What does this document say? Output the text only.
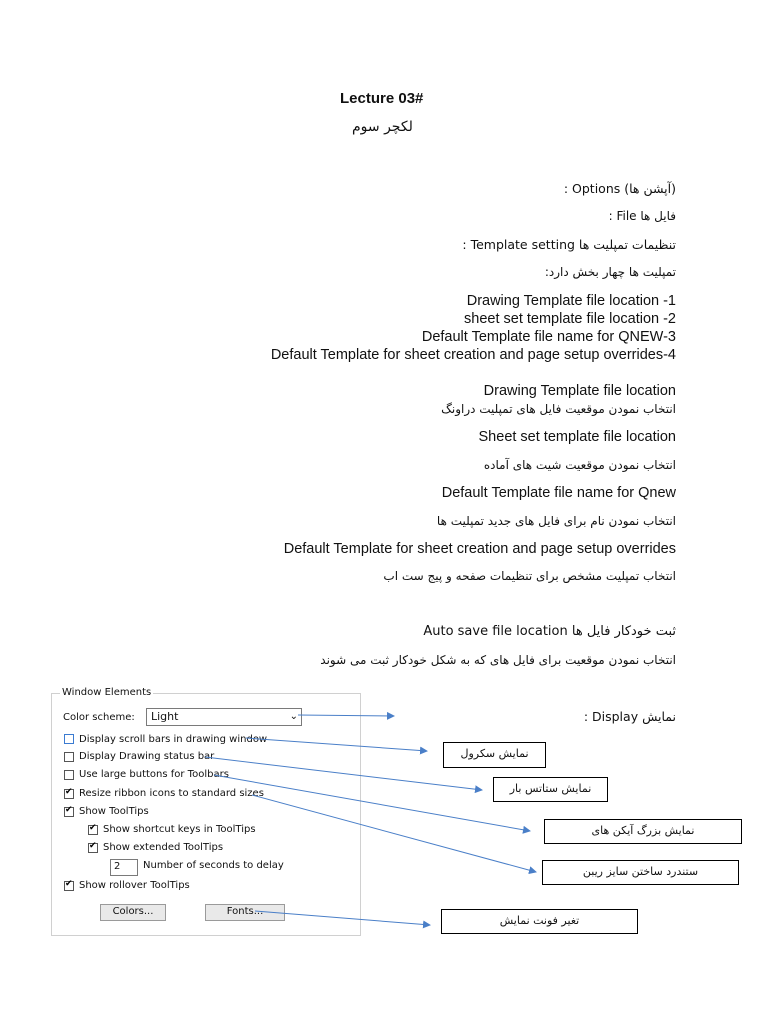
Lecture 03#
لکچر سوم
(آپشن ها) Options :
فایل ها File :
تنظیمات تمپلیت ها Template setting :
تمپلیت ها چهار بخش دارد:
Drawing Template file location -1
sheet set template file location -2
Default Template file name for QNEW-3
Default Template for sheet creation and page setup overrides-4
Drawing Template file location
انتخاب نمودن موقعیت فایل های تمپلیت دراونگ
Sheet set template file location
انتخاب نمودن موقعیت شیت های آماده
Default Template file name for Qnew
انتخاب نمودن نام برای فایل های جدید تمپلیت ها
Default Template for sheet creation and page setup overrides
انتخاب تمپلیت مشخص برای تنظیمات صفحه و پیج ست اب
ثبت خودکار فایل ها Auto save file location
انتخاب نمودن موقعیت برای فایل های که به شکل خودکار ثبت می شوند
نمایش Display :
Window Elements
Color scheme:	Light	⌄
Display scroll bars in drawing window
Display Drawing status bar
Use large buttons for Toolbars
✔
Resize ribbon icons to standard sizes
✔
Show ToolTips
✔
Show shortcut keys in ToolTips
✔
Show extended ToolTips
2	Number of seconds to delay
✔
Show rollover ToolTips
Colors...	Fonts...
نمایش سکرول
نمایش ستاتس بار
نمایش بزرگ آیکن های
ستندرد ساختن سایز ریبن
تغیر فونت نمایش
